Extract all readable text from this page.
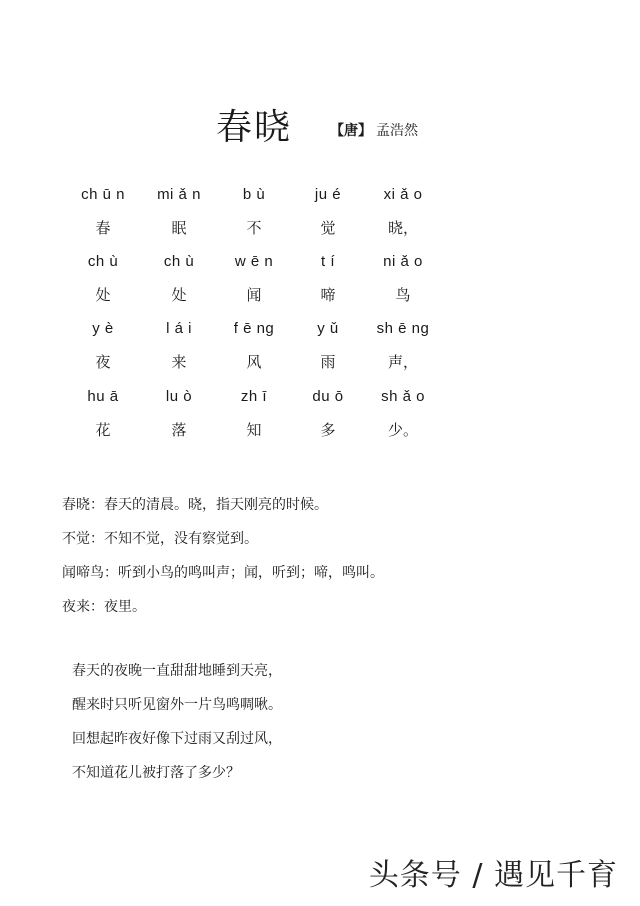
春晓	【唐】 孟浩然
ch ū n	mi ǎ n	b ù	ju é	xi ǎ o
春	眠	不	觉	晓，
ch ù	ch ù	w ē n	t í	ni ǎ o
处	处	闻	啼	鸟
y è	l á i	f ē ng	y ǔ	sh ē ng
夜	来	风	雨	声，
hu ā	lu ò	zh ī	du ō	sh ǎ o
花	落	知	多	少。
春晓：春天的清晨。晓，指天刚亮的时候。
不觉：不知不觉，没有察觉到。
闻啼鸟：听到小鸟的鸣叫声；闻，听到；啼，鸣叫。
夜来：夜里。
春天的夜晚一直甜甜地睡到天亮，
醒来时只听见窗外一片鸟鸣啁啾。
回想起昨夜好像下过雨又刮过风，
不知道花儿被打落了多少？
头条号 / 遇见千育
